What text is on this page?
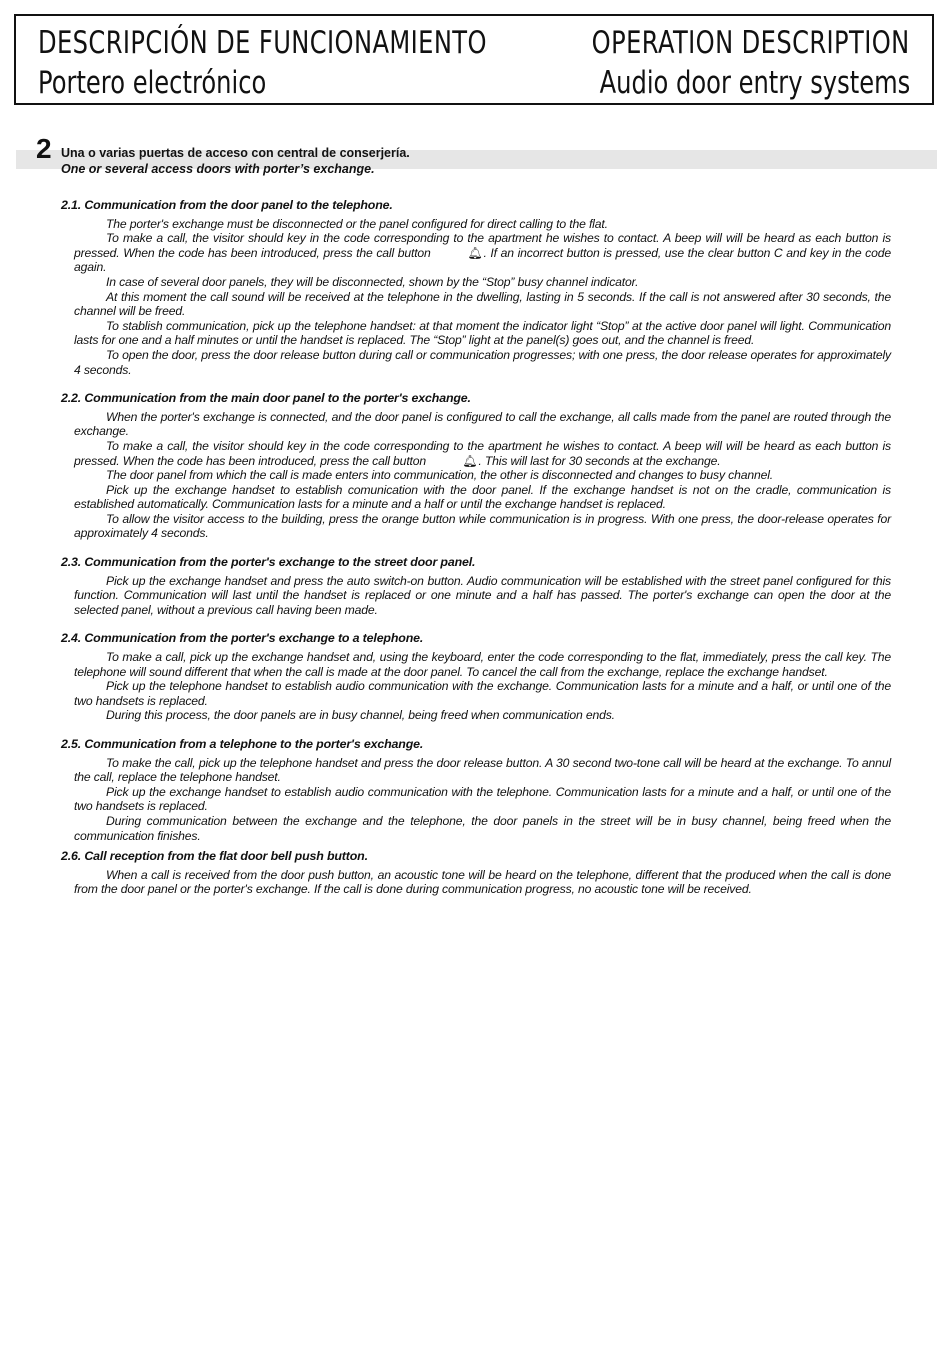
DESCRIPCIÓN DE FUNCIONAMIENTO
Portero electrónico
OPERATION DESCRIPTION
Audio door entry systems
2 Una o varias puertas de acceso con central de conserjería.
One or several access doors with porter’s exchange.
2.1. Communication from the door panel to the telephone.

The porter's exchange must be disconnected or the panel configured for direct calling to the flat.

To make a call, the visitor should key in the code corresponding to the apartment he wishes to contact. A beep will will be heard as each button is pressed. When the code has been introduced, press the call button	🔔︎. If an incorrect button is pressed, use the clear button C and key in the code again.

In case of several door panels, they will be disconnected, shown by the “Stop” busy channel indicator.

At this moment the call sound will be received at the telephone in the dwelling, lasting in 5 seconds. If the call is not answered after 30 seconds, the channel will be freed.

To stablish communication, pick up the telephone handset: at that moment the indicator light “Stop” at the active door panel will light. Communication lasts for one and a half minutes or until the handset is replaced. The “Stop” light at the panel(s) goes out, and the channel is freed.

To open the door, press the door release button during call or communication progresses; with one press, the door release operates for approximately 4 seconds.

2.2. Communication from the main door panel to the porter's exchange.

When the porter's exchange is connected, and the door panel is configured to call the exchange, all calls made from the panel are routed through the exchange.

To make a call, the visitor should key in the code corresponding to the apartment he wishes to contact. A beep will will be heard as each button is pressed. When the code has been introduced, press the call button	🔔︎. This will last for 30 seconds at the exchange.

The door panel from which the call is made enters into communication, the other is disconnected and changes to busy channel.

Pick up the exchange handset to establish comunication with the door panel. If the exchange handset is not on the cradle, communication is established automatically. Communication lasts for a minute and a half or until the exchange handset is replaced.

To allow the visitor access to the building, press the orange button while communication is in progress. With one press, the door-release operates for approximately 4 seconds.

2.3. Communication from the porter's exchange to the street door panel.

Pick up the exchange handset and press the auto switch-on button. Audio communication will be established with the street panel configured for this function. Communication will last until the handset is replaced or one minute and a half has passed. The porter's exchange can open the door at the selected panel, without a previous call having been made.

2.4. Communication from the porter's exchange to a telephone.

To make a call, pick up the exchange handset and, using the keyboard, enter the code corresponding to the flat, immediately, press the call key. The telephone will sound different that when the call is made at the door panel. To cancel the call from the exchange, replace the exchange handset.

Pick up the telephone handset to establish audio communication with the exchange. Communication lasts for a minute and a half, or until one of the two handsets is replaced.

During this process, the door panels are in busy channel, being freed when communication ends.

2.5. Communication from a telephone to the porter's exchange.

To make the call, pick up the telephone handset and press the door release button. A 30 second two-tone call will be heard at the exchange. To annul the call, replace the telephone handset.

Pick up the exchange handset to establish audio communication with the telephone. Communication lasts for a minute and a half, or until one of the two handsets is replaced.

During communication between the exchange and the telephone, the door panels in the street will be in busy channel, being freed when the communication finishes.

2.6. Call reception from the flat door bell push button.

When a call is received from the door push button, an acoustic tone will be heard on the telephone, different that the produced when the call is done from the door panel or the porter's exchange. If the call is done during communication progress, no acoustic tone will be received.
